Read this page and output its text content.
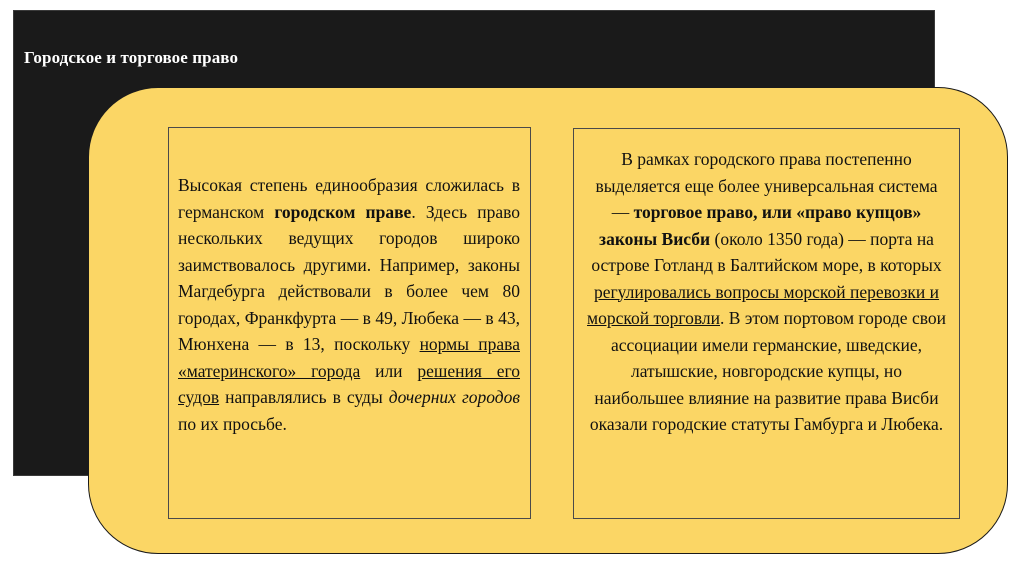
Городское и торговое право
Высокая степень единообразия сложилась в германском городском праве. Здесь право нескольких ведущих городов широко заимствовалось другими. Например, законы Магдебурга действовали в более чем 80 городах, Франкфурта — в 49, Любека — в 43, Мюнхена — в 13, поскольку нормы права «материнского» города или решения его судов направлялись в суды дочерних городов по их просьбе.
В рамках городского права постепенно выделяется еще более универсальная система — торговое право, или «право купцов»
законы Висби (около 1350 года) — порта на острове Готланд в Балтийском море, в которых регулировались вопросы морской перевозки и морской торговли. В этом портовом городе свои ассоциации имели германские, шведские, латышские, новгородские купцы, но наибольшее влияние на развитие права Висби оказали городские статуты Гамбурга и Любека.
